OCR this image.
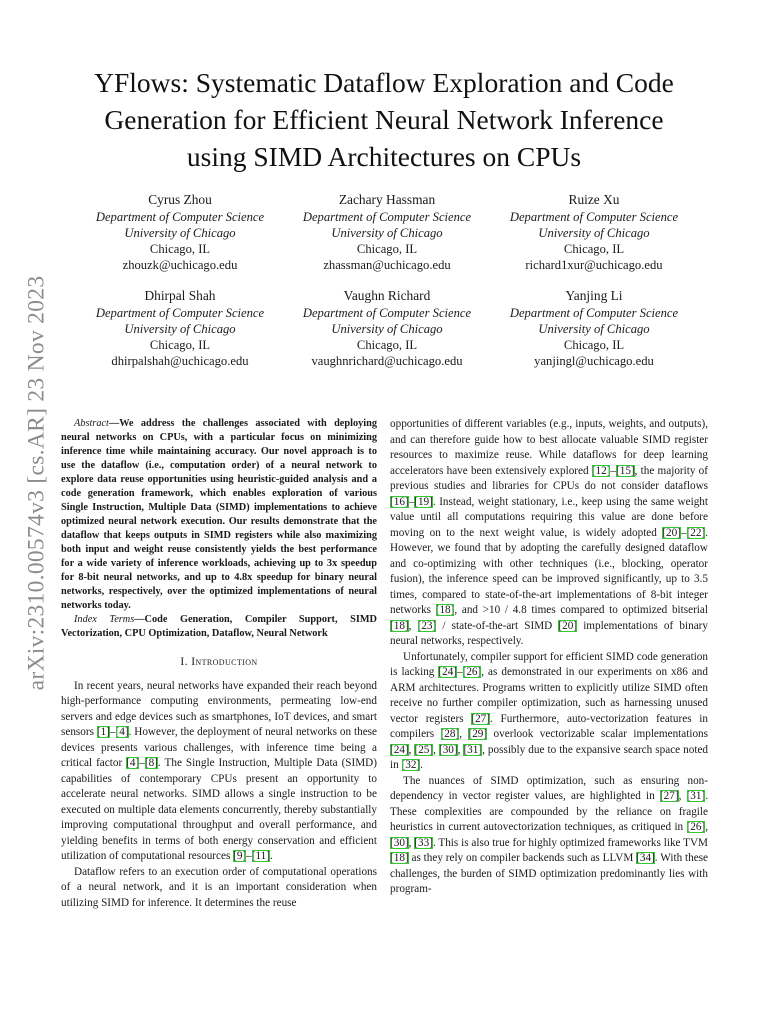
arXiv:2310.00574v3 [cs.AR] 23 Nov 2023
YFlows: Systematic Dataflow Exploration and Code
Generation for Efficient Neural Network Inference
using SIMD Architectures on CPUs
Cyrus Zhou
Department of Computer Science
University of Chicago
Chicago, IL
zhouzk@uchicago.edu
Zachary Hassman
Department of Computer Science
University of Chicago
Chicago, IL
zhassman@uchicago.edu
Ruize Xu
Department of Computer Science
University of Chicago
Chicago, IL
richard1xur@uchicago.edu
Dhirpal Shah
Department of Computer Science
University of Chicago
Chicago, IL
dhirpalshah@uchicago.edu
Vaughn Richard
Department of Computer Science
University of Chicago
Chicago, IL
vaughnrichard@uchicago.edu
Yanjing Li
Department of Computer Science
University of Chicago
Chicago, IL
yanjingl@uchicago.edu

Abstract—We address the challenges associated with deploying neural networks on CPUs, with a particular focus on minimizing inference time while maintaining accuracy. Our novel approach is to use the dataflow (i.e., computation order) of a neural network to explore data reuse opportunities using heuristic-guided analysis and a code generation framework, which enables exploration of various Single Instruction, Multiple Data (SIMD) implementations to achieve optimized neural network execution. Our results demonstrate that the dataflow that keeps outputs in SIMD registers while also maximizing both input and weight reuse consistently yields the best performance for a wide variety of inference workloads, achieving up to 3x speedup for 8-bit neural networks, and up to 4.8x speedup for binary neural networks, respectively, over the optimized implementations of neural networks today.

Index Terms—Code Generation, Compiler Support, SIMD Vectorization, CPU Optimization, Dataflow, Neural Network

I. Introduction

In recent years, neural networks have expanded their reach beyond high-performance computing environments, permeating low-end servers and edge devices such as smartphones, IoT devices, and smart sensors [1]–[4]. However, the deployment of neural networks on these devices presents various challenges, with inference time being a critical factor [4]–[8]. The Single Instruction, Multiple Data (SIMD) capabilities of contemporary CPUs present an opportunity to accelerate neural networks. SIMD allows a single instruction to be executed on multiple data elements concurrently, thereby substantially improving computational throughput and overall performance, and yielding benefits in terms of both energy conservation and efficient utilization of computational resources [9]–[11].

Dataflow refers to an execution order of computational operations of a neural network, and it is an important consideration when utilizing SIMD for inference. It determines the reuse

opportunities of different variables (e.g., inputs, weights, and outputs), and can therefore guide how to best allocate valuable SIMD register resources to maximize reuse. While dataflows for deep learning accelerators have been extensively explored [12]–[15], the majority of previous studies and libraries for CPUs do not consider dataflows [16]–[19]. Instead, weight stationary, i.e., keep using the same weight value until all computations requiring this value are done before moving on to the next weight value, is widely adopted [20]–[22]. However, we found that by adopting the carefully designed dataflow and co-optimizing with other techniques (i.e., blocking, operator fusion), the inference speed can be improved significantly, up to 3.5 times, compared to state-of-the-art implementations of 8-bit integer networks [18], and >10 / 4.8 times compared to optimized bitserial [18], [23] / state-of-the-art SIMD [20] implementations of binary neural networks, respectively.

Unfortunately, compiler support for efficient SIMD code generation is lacking [24]–[26], as demonstrated in our experiments on x86 and ARM architectures. Programs written to explicitly utilize SIMD often receive no further compiler optimization, such as harnessing unused vector registers [27]. Furthermore, auto-vectorization features in compilers [28], [29] overlook vectorizable scalar implementations [24], [25], [30], [31], possibly due to the expansive search space noted in [32].

The nuances of SIMD optimization, such as ensuring non-dependency in vector register values, are highlighted in [27], [31]. These complexities are compounded by the reliance on fragile heuristics in current autovectorization techniques, as critiqued in [26], [30], [33]. This is also true for highly optimized frameworks like TVM [18] as they rely on compiler backends such as LLVM [34]. With these challenges, the burden of SIMD optimization predominantly lies with program-
